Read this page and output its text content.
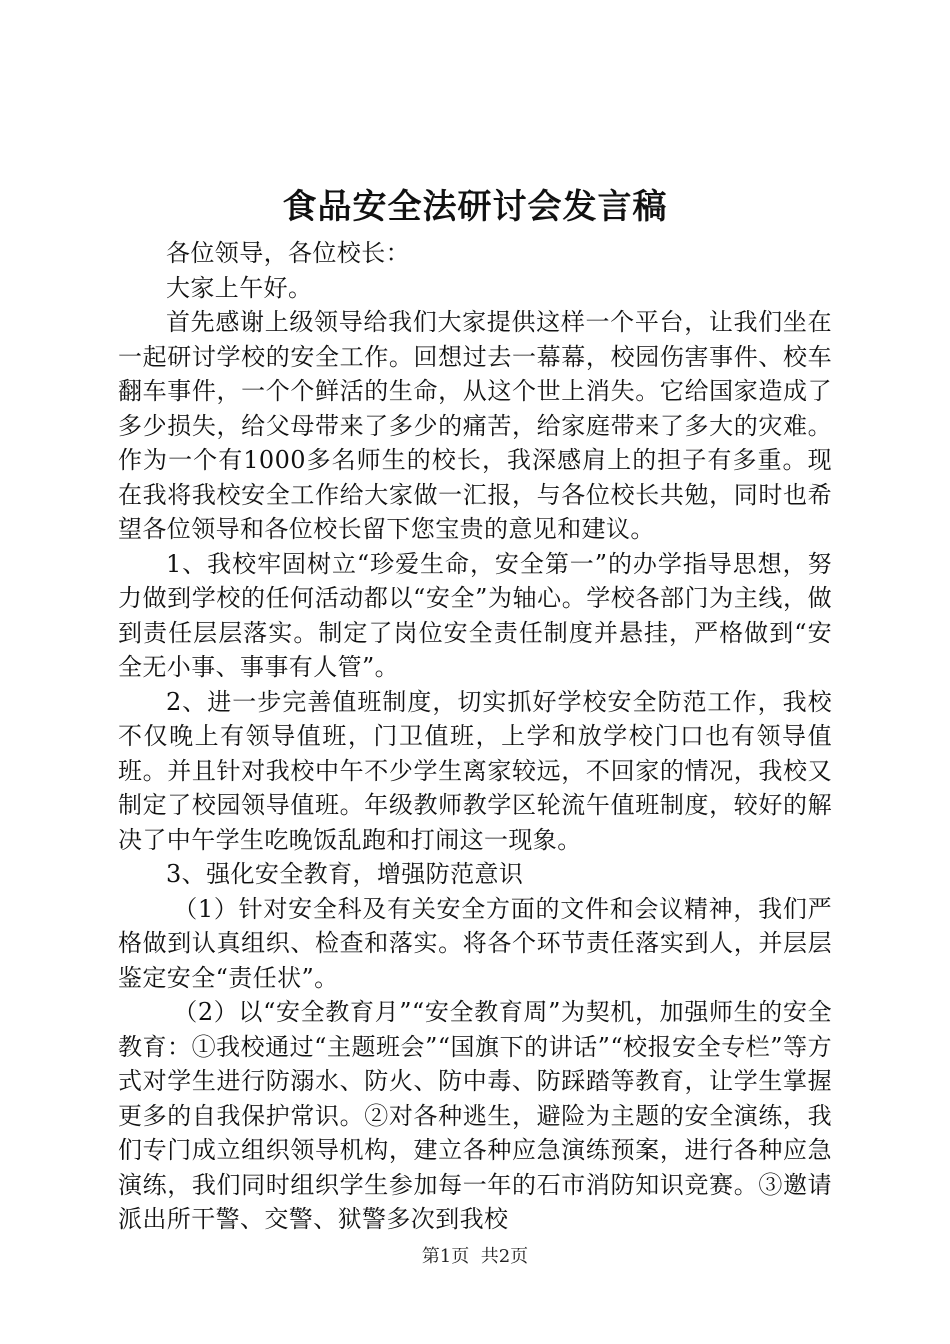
食品安全法研讨会发言稿

各位领导，各位校长：

大家上午好。

首先感谢上级领导给我们大家提供这样一个平台，让我们坐在一起研讨学校的安全工作。回想过去一幕幕，校园伤害事件、校车翻车事件，一个个鲜活的生命，从这个世上消失。它给国家造成了多少损失，给父母带来了多少的痛苦，给家庭带来了多大的灾难。作为一个有1000多名师生的校长，我深感肩上的担子有多重。现在我将我校安全工作给大家做一汇报，与各位校长共勉，同时也希望各位领导和各位校长留下您宝贵的意见和建议。

1、我校牢固树立“珍爱生命，安全第一”的办学指导思想，努力做到学校的任何活动都以“安全”为轴心。学校各部门为主线，做到责任层层落实。制定了岗位安全责任制度并悬挂，严格做到“安全无小事、事事有人管”。

2、进一步完善值班制度，切实抓好学校安全防范工作，我校不仅晚上有领导值班，门卫值班，上学和放学校门口也有领导值班。并且针对我校中午不少学生离家较远，不回家的情况，我校又制定了校园领导值班。年级教师教学区轮流午值班制度，较好的解决了中午学生吃晚饭乱跑和打闹这一现象。

3、强化安全教育，增强防范意识

（1）针对安全科及有关安全方面的文件和会议精神，我们严格做到认真组织、检查和落实。将各个环节责任落实到人，并层层鉴定安全“责任状”。

（2）以“安全教育月”“安全教育周”为契机，加强师生的安全教育：①我校通过“主题班会”“国旗下的讲话”“校报安全专栏”等方式对学生进行防溺水、防火、防中毒、防踩踏等教育，让学生掌握更多的自我保护常识。②对各种逃生，避险为主题的安全演练，我们专门成立组织领导机构，建立各种应急演练预案，进行各种应急演练，我们同时组织学生参加每一年的石市消防知识竞赛。③邀请派出所干警、交警、狱警多次到我校

第1页 共2页
